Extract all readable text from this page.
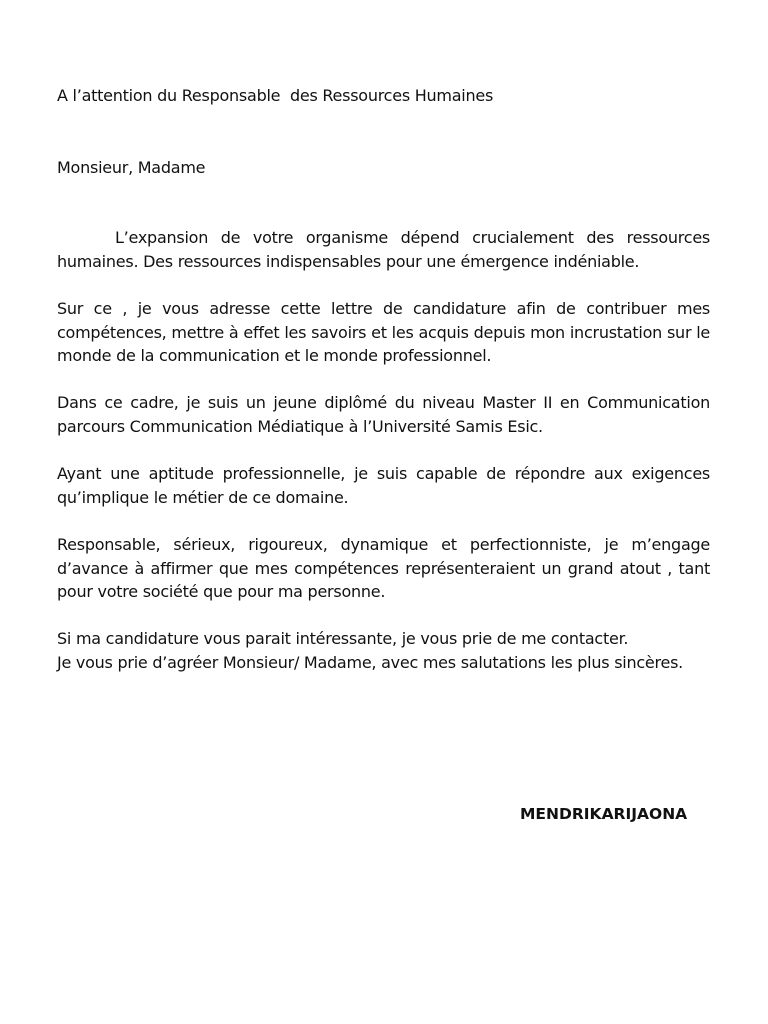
A l’attention du Responsable  des Ressources Humaines

Monsieur, Madame

L’expansion de votre organisme dépend crucialement des ressources humaines. Des ressources indispensables pour une émergence indéniable.

Sur ce , je vous adresse cette lettre de candidature afin de contribuer mes compétences, mettre à effet les savoirs et les acquis depuis mon incrustation sur le monde de la communication et le monde professionnel.

Dans ce cadre, je suis un jeune diplômé du niveau Master II en Communication parcours Communication Médiatique à l’Université Samis Esic.

Ayant une aptitude professionnelle, je suis capable de répondre aux exigences qu’implique le métier de ce domaine.

Responsable, sérieux, rigoureux, dynamique et perfectionniste, je m’engage d’avance à affirmer que mes compétences représenteraient un grand atout , tant pour votre société que pour ma personne.

Si ma candidature vous parait intéressante, je vous prie de me contacter.

Je vous prie d’agréer Monsieur/ Madame, avec mes salutations les plus sincères.

MENDRIKARIJAONA
